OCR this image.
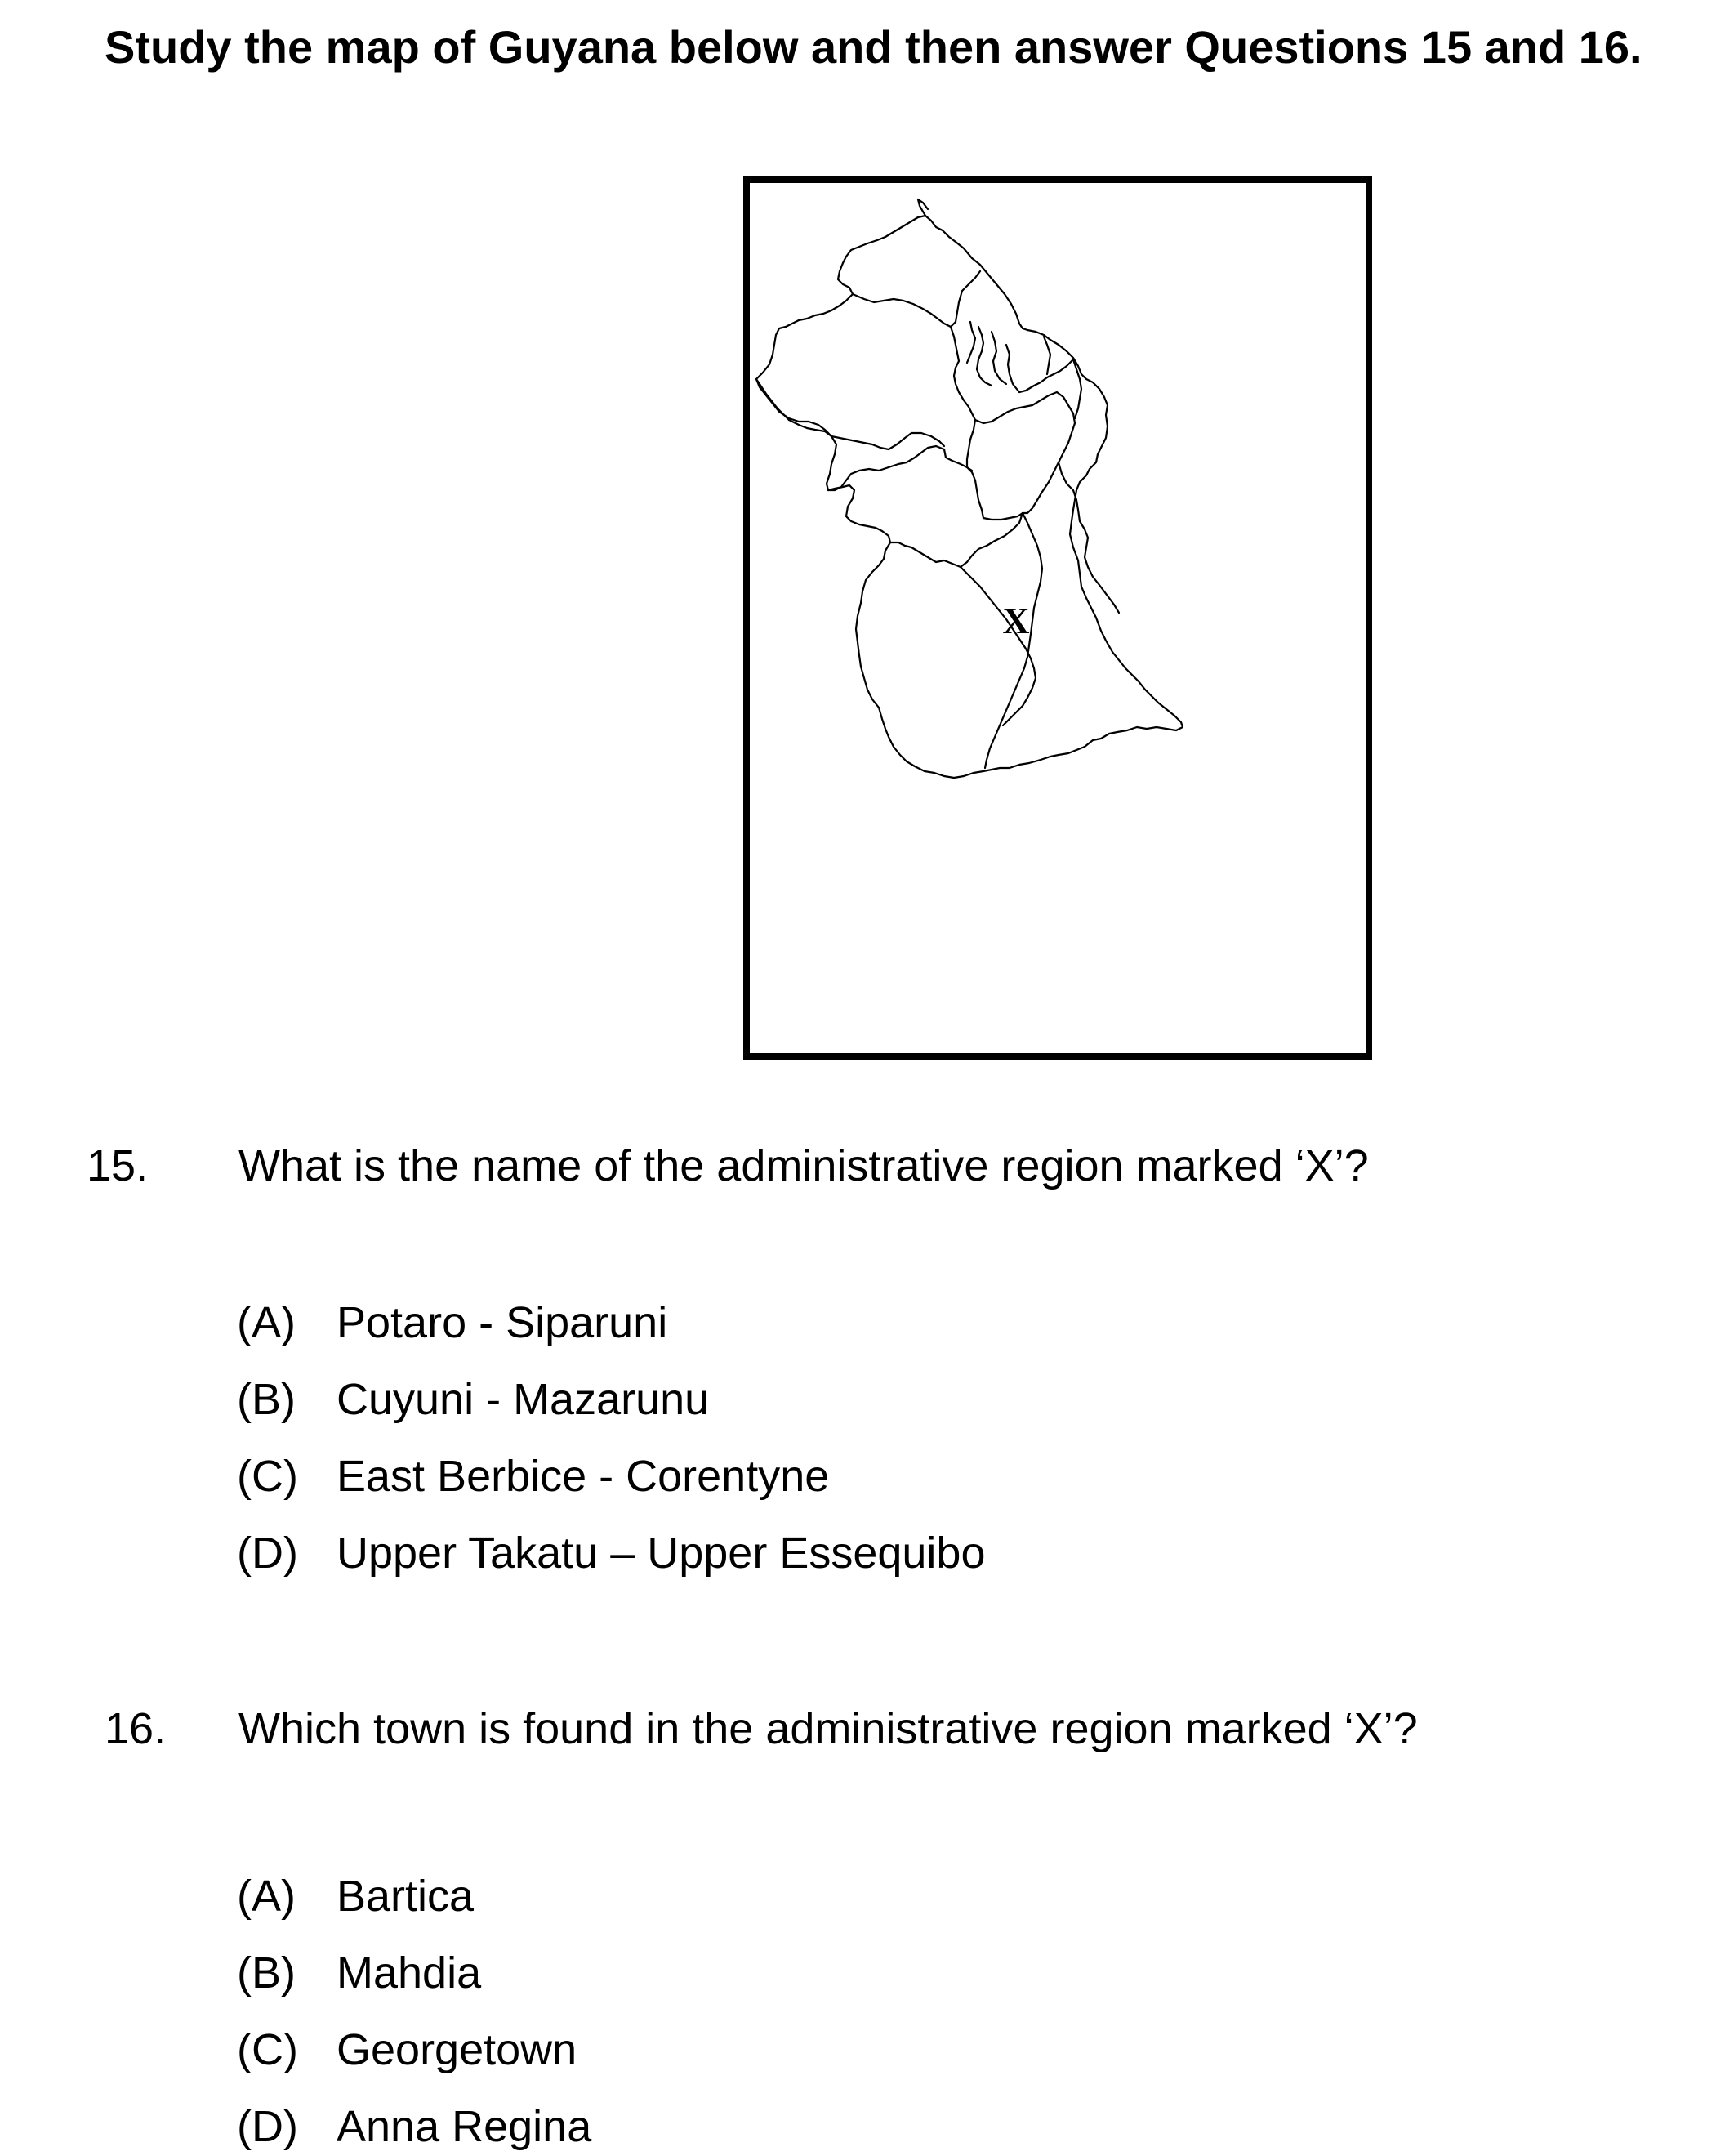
Study the map of Guyana below and then answer Questions 15 and 16.
X
15. What is the name of the administrative region marked ‘X’?
(A) Potaro - Siparuni
(B) Cuyuni - Mazarunu
(C) East Berbice - Corentyne
(D) Upper Takatu – Upper Essequibo
16. Which town is found in the administrative region marked ‘X’?
(A) Bartica
(B) Mahdia
(C) Georgetown
(D) Anna Regina
